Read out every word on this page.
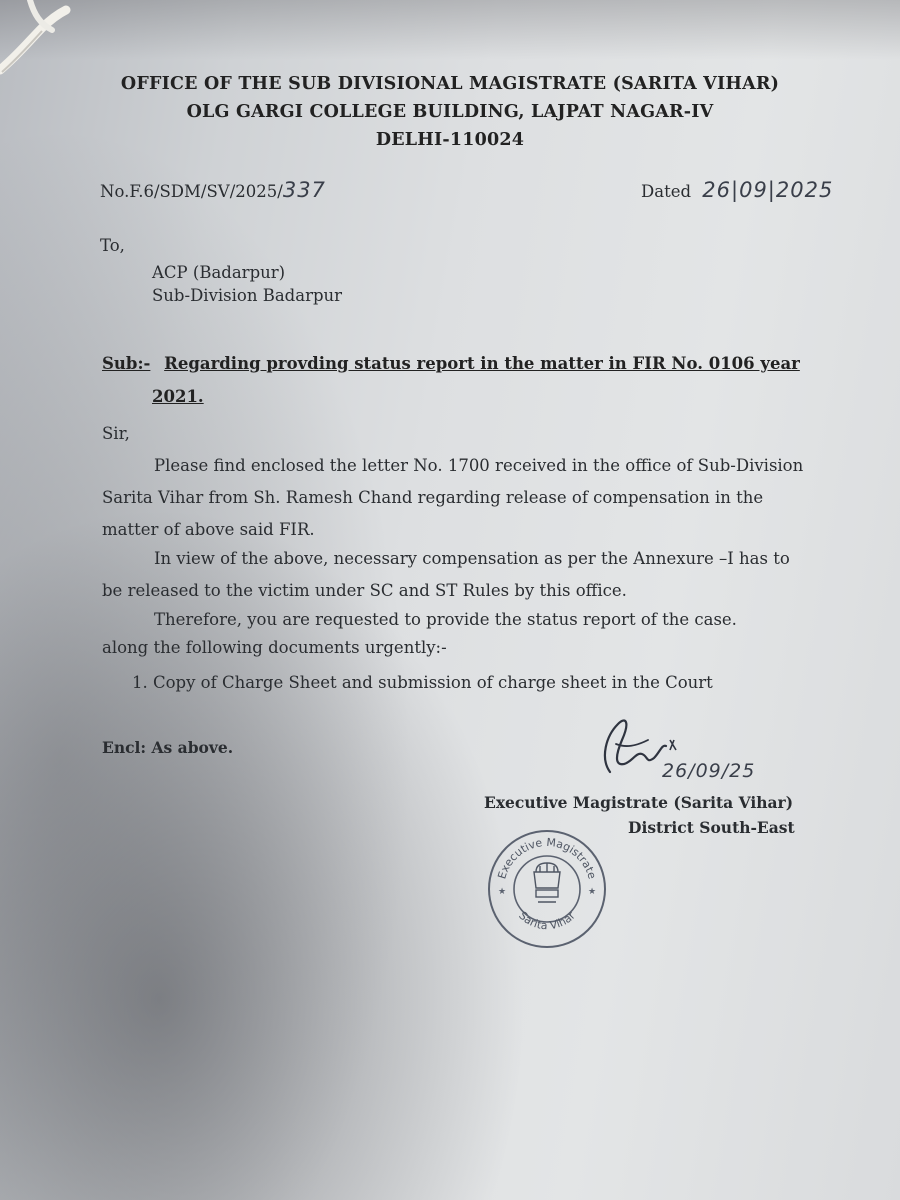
OFFICE OF THE SUB DIVISIONAL MAGISTRATE (SARITA VIHAR)
OLG GARGI COLLEGE BUILDING, LAJPAT NAGAR-IV
DELHI-110024
No.F.6/SDM/SV/2025/337	Dated 26|09|2025
To,
ACP (Badarpur)
Sub-Division Badarpur
Sub:- Regarding provding status report in the matter in FIR No. 0106 year
2021.
Sir,
Please find enclosed the letter No. 1700 received in the office of Sub-Division
Sarita Vihar from Sh. Ramesh Chand regarding release of compensation in the
matter of above said FIR.
In view of the above, necessary compensation as per the Annexure –I has to
be released to the victim under SC and ST Rules by this office.
Therefore, you are requested to provide the status report of the case.
along the following documents urgently:-
1. Copy of Charge Sheet and submission of charge sheet in the Court
Encl: As above.
26/09/25
Executive Magistrate (Sarita Vihar)
District South-East
Executive Magistrate
Sarita Vihar
★	★
